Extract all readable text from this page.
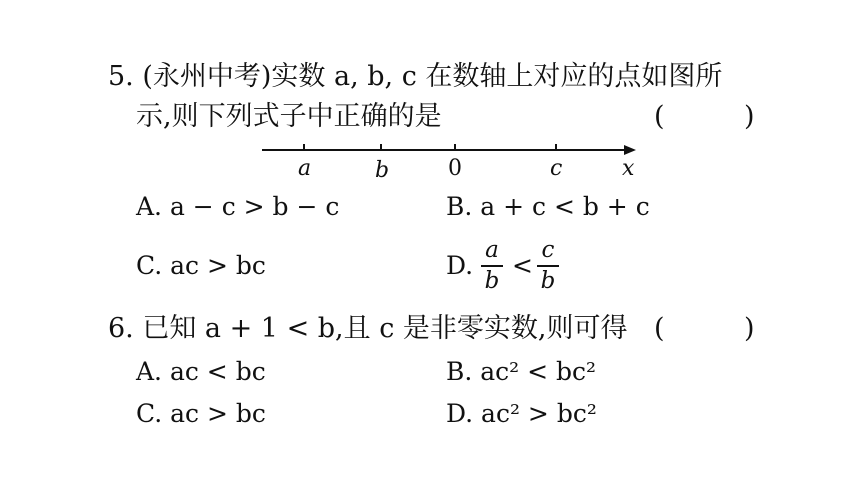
5. (永州中考)实数 a, b, c 在数轴上对应的点如图所
示,则下列式子中正确的是	(	)
a	b	0	c	x
A. a − c > b − c	B. a + c < b + c
C. ac > bc	D.
a
b
<
c
b
6. 已知 a + 1 < b,且 c 是非零实数,则可得 (	)
A. ac < bc	B. ac² < bc²
C. ac > bc	D. ac² > bc²
